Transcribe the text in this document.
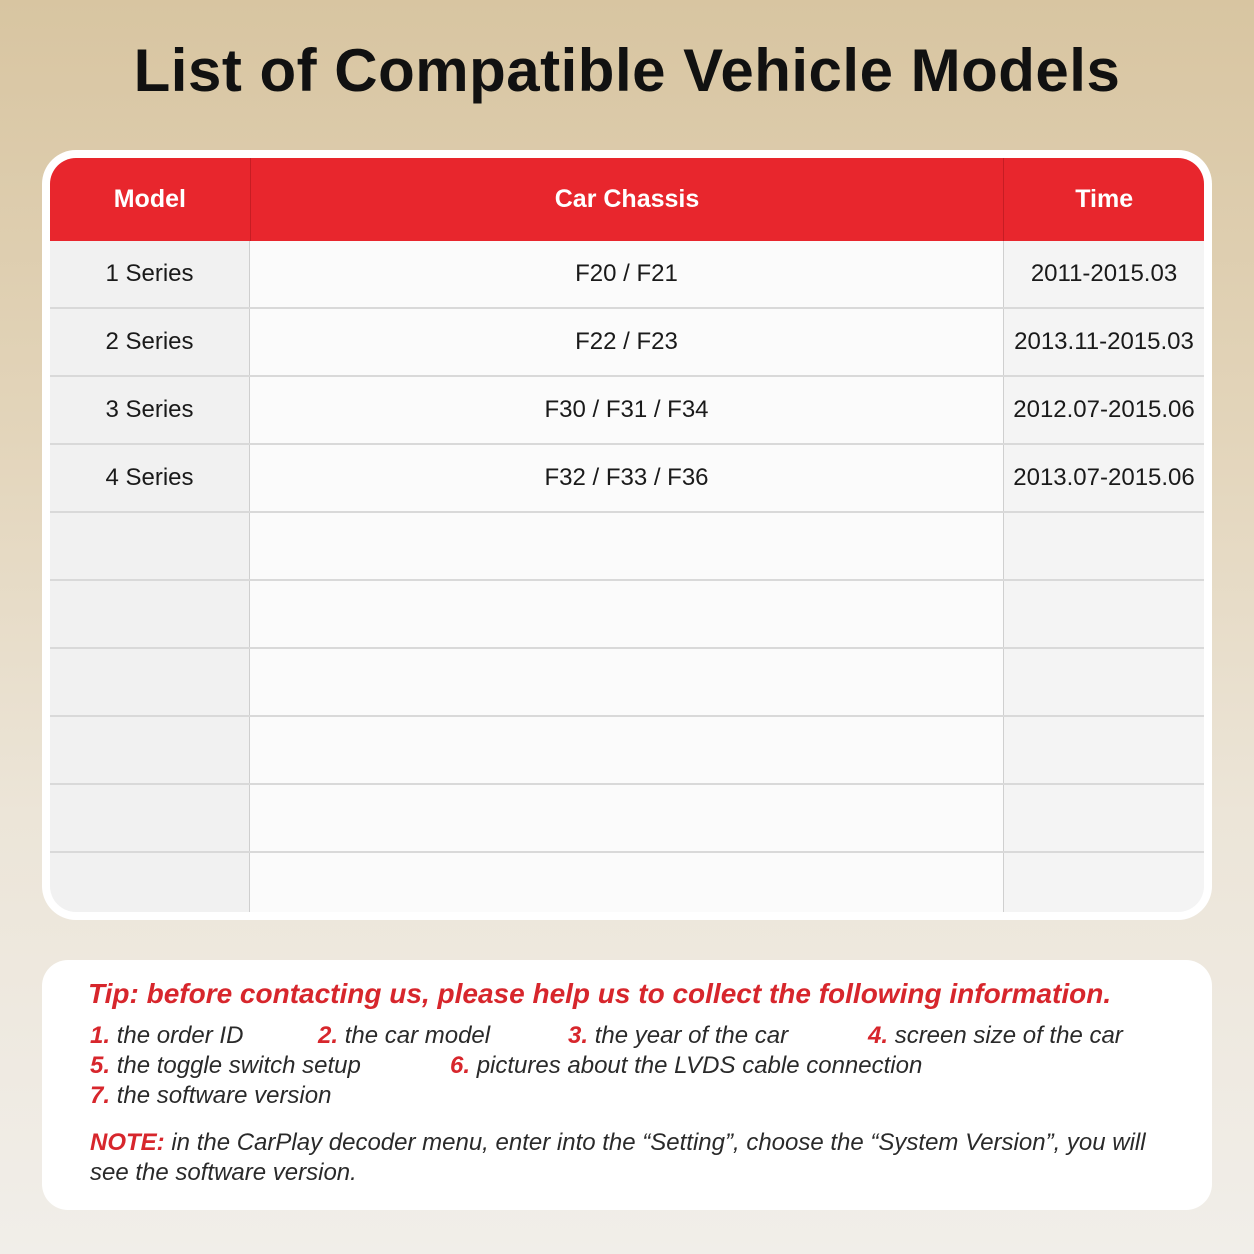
List of Compatible Vehicle Models
Model	Car Chassis	Time
1 Series	F20 / F21	2011-2015.03
2 Series	F22 / F23	2013.11-2015.03
3 Series	F30 / F31 / F34	2012.07-2015.06
4 Series	F32 / F33 / F36	2013.07-2015.06
Tip: before contacting us, please help us to collect the following information.
1. the order ID	2. the car model	3. the year of the car	4. screen size of the car
5. the toggle switch setup	6. pictures about the LVDS cable connection
7. the software version
NOTE: in the CarPlay decoder menu, enter into the “Setting”, choose the “System Version”, you will see the software version.
